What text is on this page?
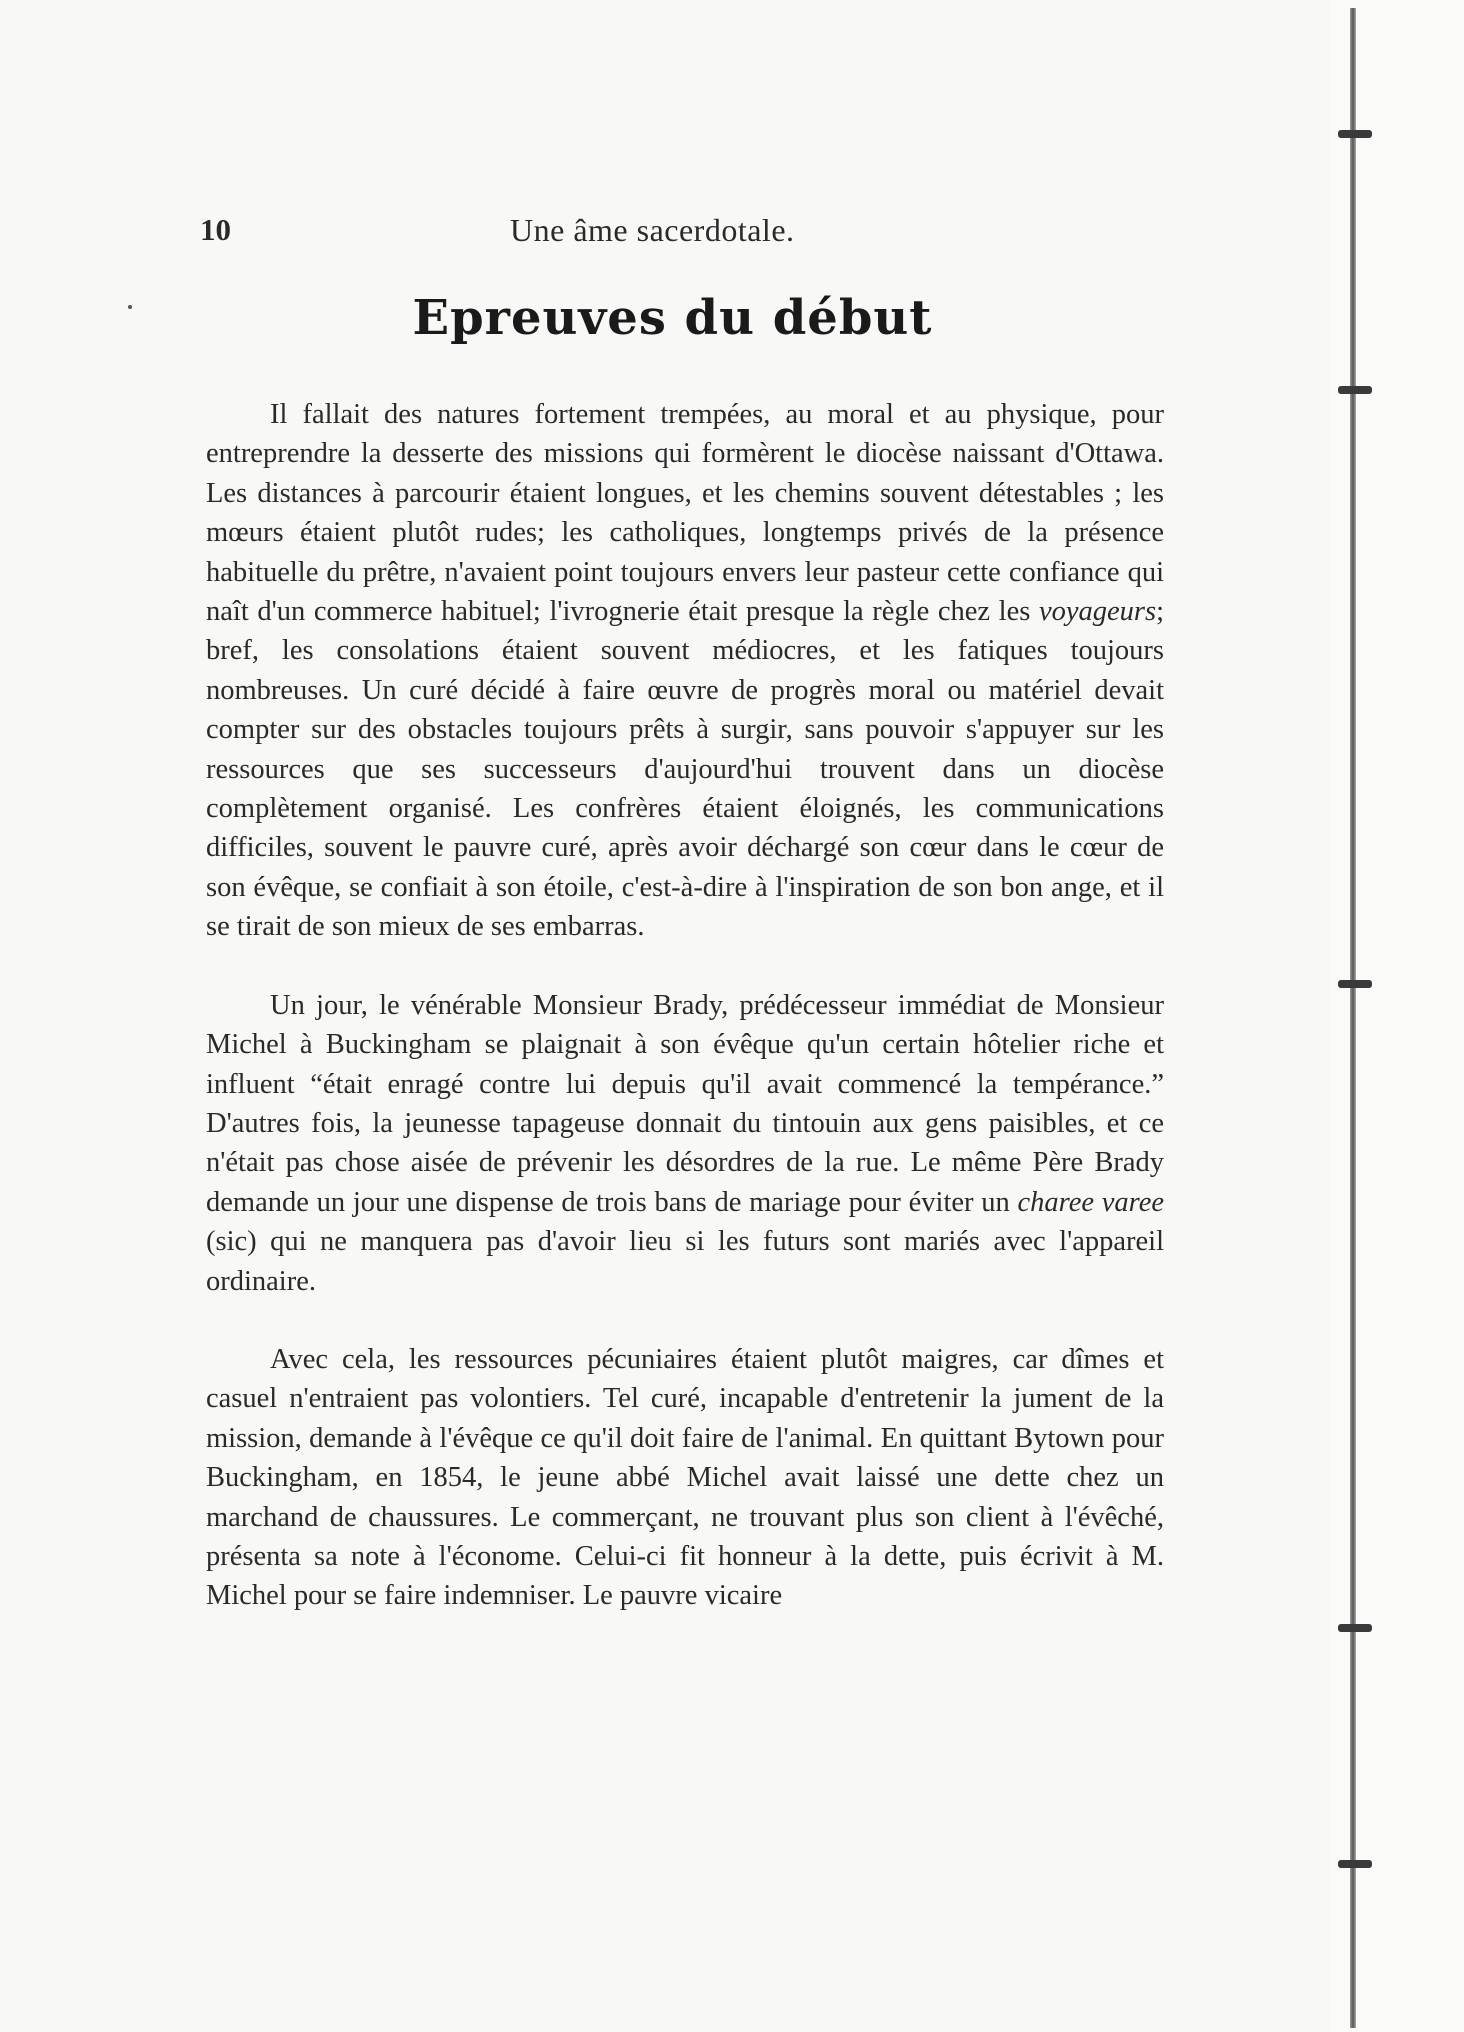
10	Une âme sacerdotale.
Epreuves du début

Il fallait des natures fortement trempées, au moral et au physique, pour entreprendre la desserte des missions qui formèrent le diocèse naissant d'Ottawa. Les distances à parcourir étaient longues, et les chemins souvent détestables ; les mœurs étaient plutôt rudes; les catholiques, longtemps privés de la présence habituelle du prêtre, n'avaient point toujours envers leur pasteur cette confiance qui naît d'un commerce habituel; l'ivrognerie était presque la règle chez les voyageurs; bref, les consolations étaient souvent médiocres, et les fatiques toujours nombreuses. Un curé décidé à faire œuvre de progrès moral ou matériel devait compter sur des obstacles toujours prêts à surgir, sans pouvoir s'appuyer sur les ressources que ses successeurs d'aujourd'hui trouvent dans un diocèse complètement organisé. Les confrères étaient éloignés, les communications difficiles, souvent le pauvre curé, après avoir déchargé son cœur dans le cœur de son évêque, se confiait à son étoile, c'est-à-dire à l'inspiration de son bon ange, et il se tirait de son mieux de ses embarras.

Un jour, le vénérable Monsieur Brady, prédécesseur immédiat de Monsieur Michel à Buckingham se plaignait à son évêque qu'un certain hôtelier riche et influent “était enragé contre lui depuis qu'il avait commencé la tempérance.” D'autres fois, la jeunesse tapageuse donnait du tintouin aux gens paisibles, et ce n'était pas chose aisée de prévenir les désordres de la rue. Le même Père Brady demande un jour une dispense de trois bans de mariage pour éviter un charee varee (sic) qui ne manquera pas d'avoir lieu si les futurs sont mariés avec l'appareil ordinaire.

Avec cela, les ressources pécuniaires étaient plutôt maigres, car dîmes et casuel n'entraient pas volontiers. Tel curé, incapable d'entretenir la jument de la mission, demande à l'évêque ce qu'il doit faire de l'animal. En quittant Bytown pour Buckingham, en 1854, le jeune abbé Michel avait laissé une dette chez un marchand de chaussures. Le commerçant, ne trouvant plus son client à l'évêché, présenta sa note à l'économe. Celui-ci fit honneur à la dette, puis écrivit à M. Michel pour se faire indemniser. Le pauvre vicaire
